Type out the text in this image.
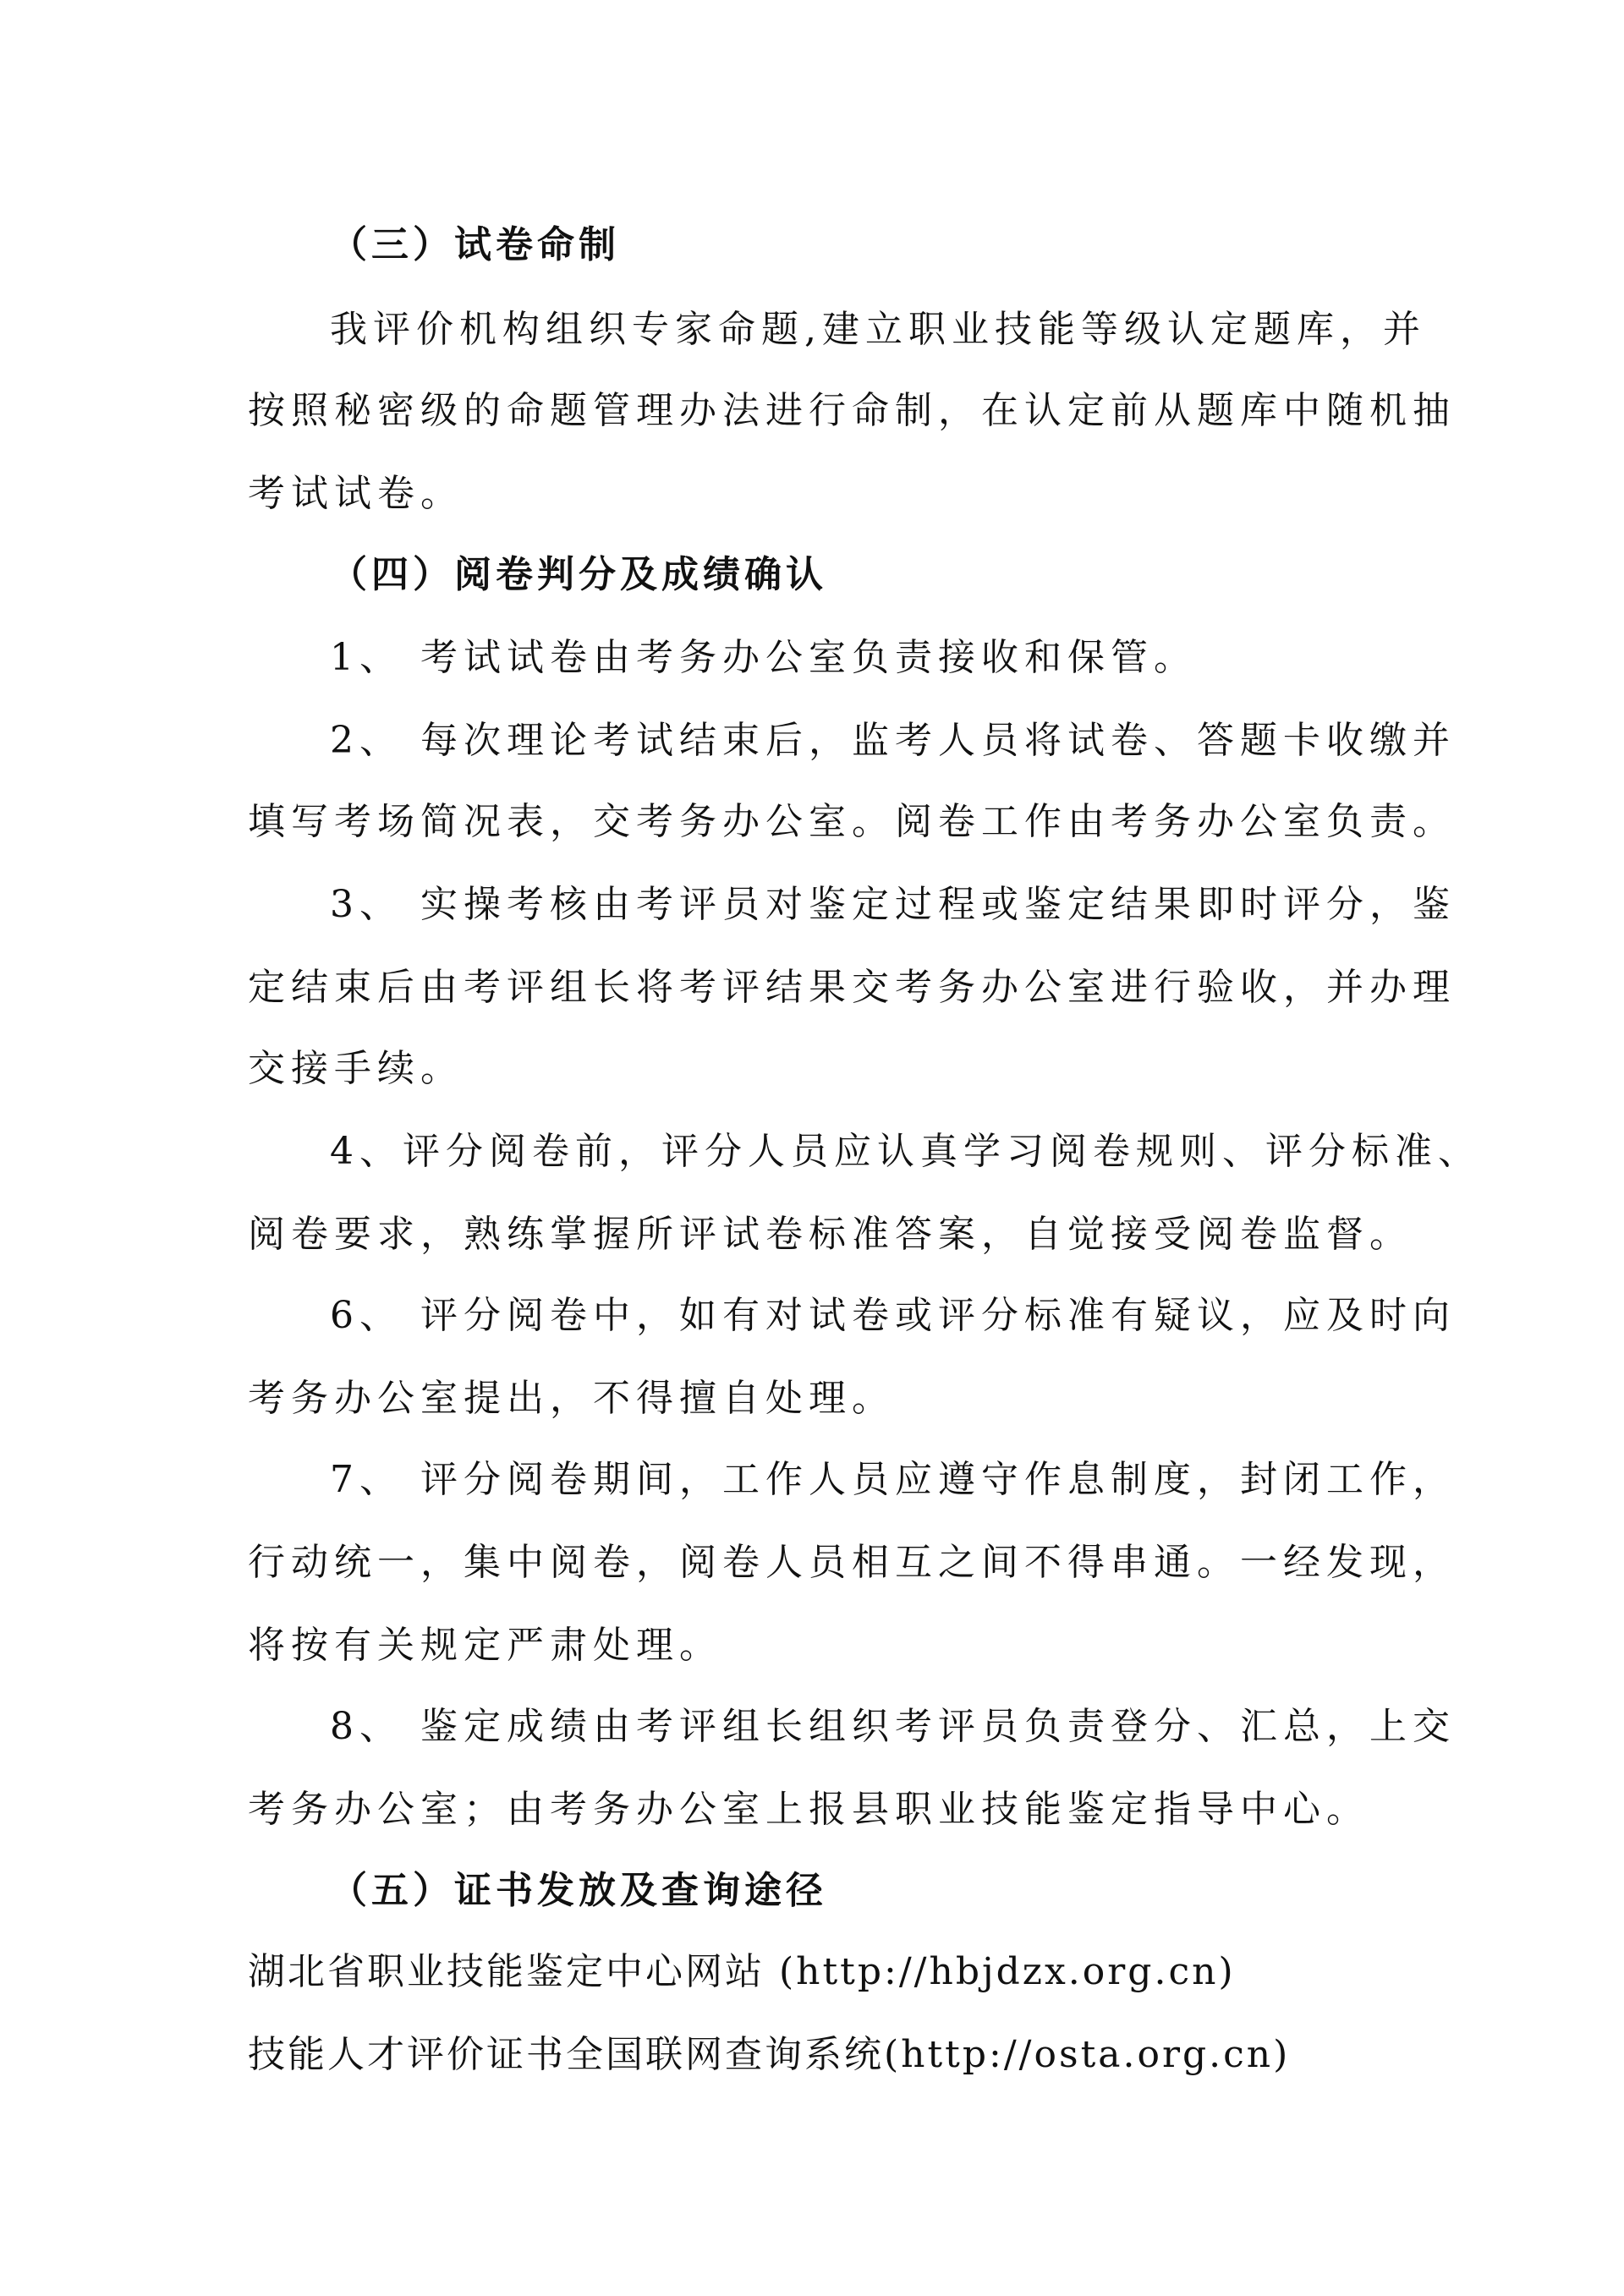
（三）试卷命制
我评价机构组织专家命题,建立职业技能等级认定题库，并
按照秘密级的命题管理办法进行命制，在认定前从题库中随机抽
考试试卷。
（四）阅卷判分及成绩确认
1、 考试试卷由考务办公室负责接收和保管。
2、 每次理论考试结束后，监考人员将试卷、答题卡收缴并
填写考场简况表，交考务办公室。阅卷工作由考务办公室负责。
3、 实操考核由考评员对鉴定过程或鉴定结果即时评分，鉴
定结束后由考评组长将考评结果交考务办公室进行验收，并办理
交接手续。
4、评分阅卷前，评分人员应认真学习阅卷规则、评分标准、
阅卷要求，熟练掌握所评试卷标准答案，自觉接受阅卷监督。
6、 评分阅卷中，如有对试卷或评分标准有疑议，应及时向
考务办公室提出，不得擅自处理。
7、 评分阅卷期间，工作人员应遵守作息制度，封闭工作，
行动统一，集中阅卷，阅卷人员相互之间不得串通。一经发现，
将按有关规定严肃处理。
8、 鉴定成绩由考评组长组织考评员负责登分、汇总，上交
考务办公室；由考务办公室上报县职业技能鉴定指导中心。
（五）证书发放及查询途径
湖北省职业技能鉴定中心网站 (http://hbjdzx.org.cn)
技能人才评价证书全国联网查询系统(http://osta.org.cn)
